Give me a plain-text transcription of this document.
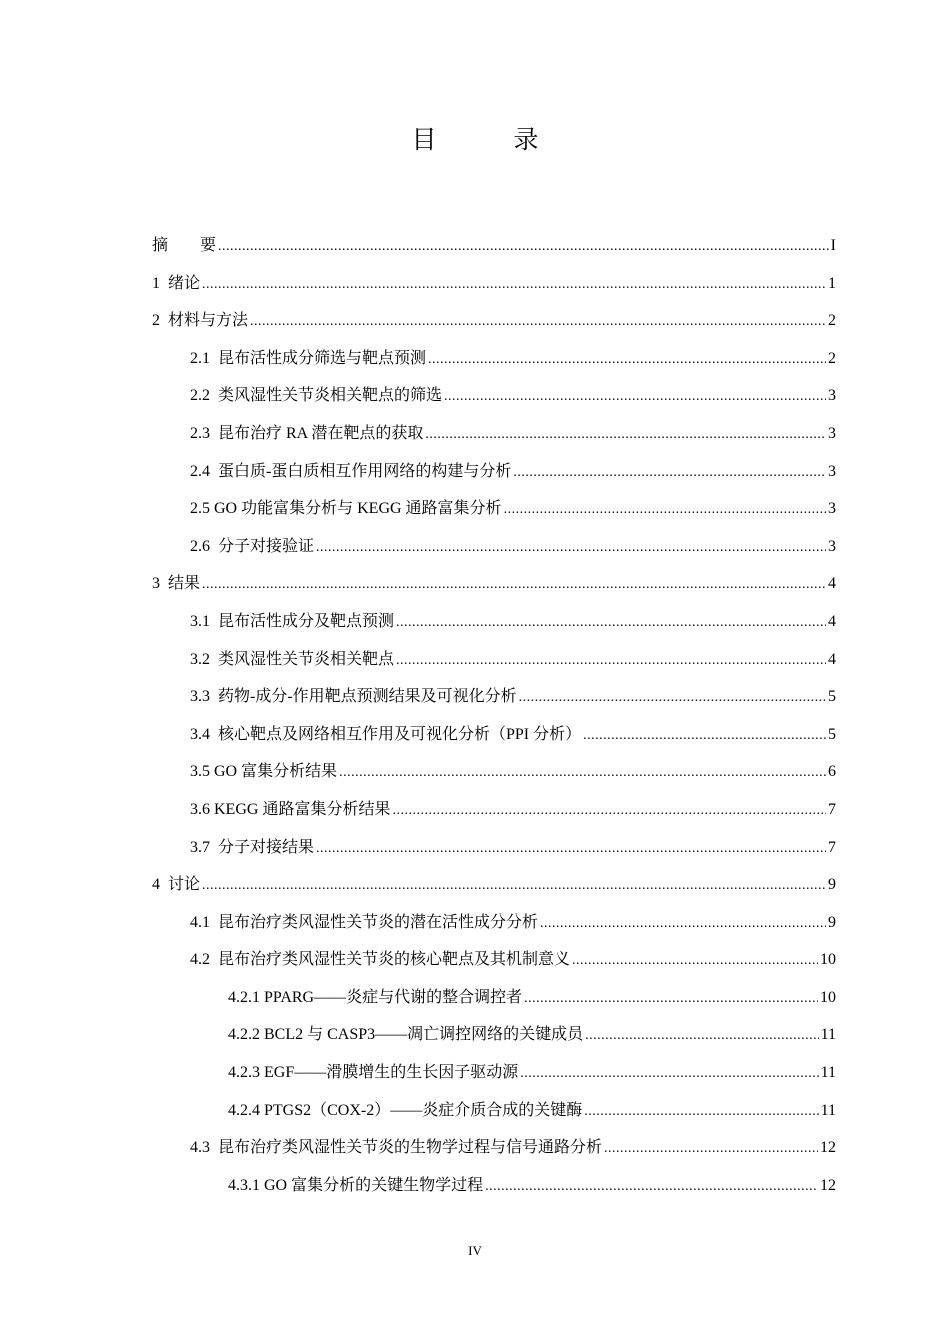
目　录
摘　　要 .....	I
1  绪论 .....	1
2  材料与方法 .....	2
2.1  昆布活性成分筛选与靶点预测 .....	2
2.2  类风湿性关节炎相关靶点的筛选 .....	3
2.3  昆布治疗 RA 潜在靶点的获取 .....	3
2.4  蛋白质-蛋白质相互作用网络的构建与分析 .....	3
2.5 GO 功能富集分析与 KEGG 通路富集分析 .....	3
2.6  分子对接验证 .....	3
3  结果 .....	4
3.1  昆布活性成分及靶点预测 .....	4
3.2  类风湿性关节炎相关靶点 .....	4
3.3  药物-成分-作用靶点预测结果及可视化分析 .....	5
3.4  核心靶点及网络相互作用及可视化分析（PPI 分析） .....	5
3.5 GO 富集分析结果 .....	6
3.6 KEGG 通路富集分析结果 .....	7
3.7  分子对接结果 .....	7
4  讨论 .....	9
4.1  昆布治疗类风湿性关节炎的潜在活性成分分析 .....	9
4.2  昆布治疗类风湿性关节炎的核心靶点及其机制意义 .....	10
4.2.1 PPARG——炎症与代谢的整合调控者 .....	10
4.2.2 BCL2 与 CASP3——凋亡调控网络的关键成员 .....	11
4.2.3 EGF——滑膜增生的生长因子驱动源 .....	11
4.2.4 PTGS2（COX-2）——炎症介质合成的关键酶 .....	11
4.3  昆布治疗类风湿性关节炎的生物学过程与信号通路分析 .....	12
4.3.1 GO 富集分析的关键生物学过程 .....	12
IV
